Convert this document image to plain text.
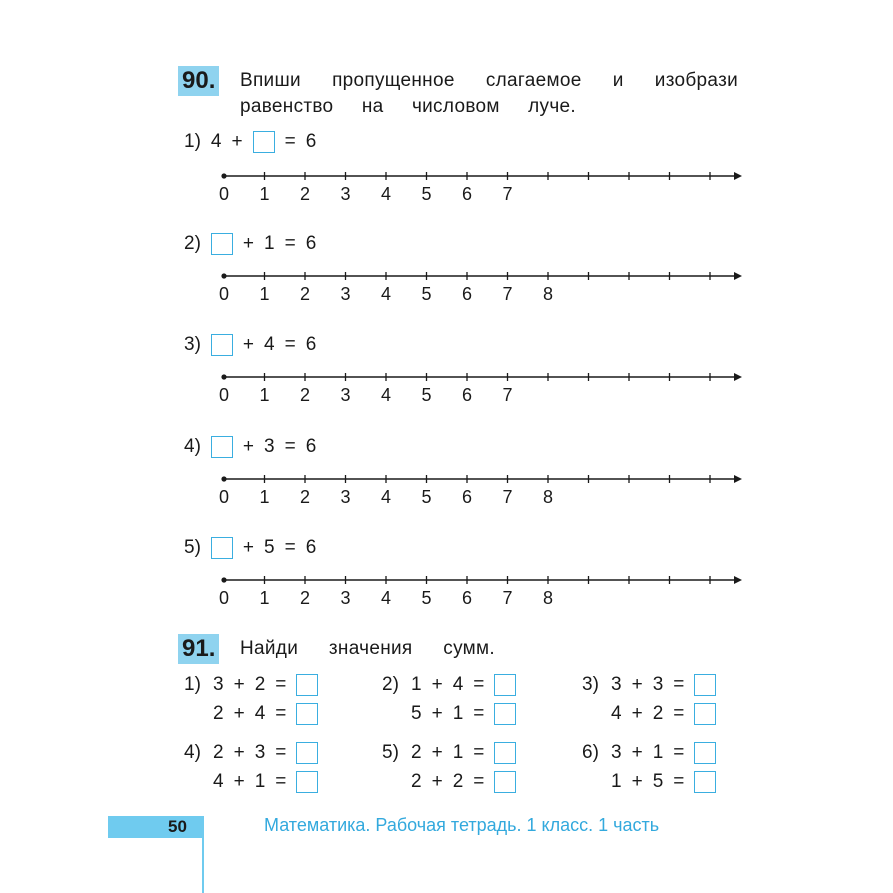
90. Впиши пропущенное слагаемое и изобрази
равенство на числовом луче.
1) 4 + = 6
0 1 2 3 4 5 6 7
2) + 1 = 6
0 1 2 3 4 5 6 7 8
3) + 4 = 6
0 1 2 3 4 5 6 7
4) + 3 = 6
0 1 2 3 4 5 6 7 8
5) + 5 = 6
0 1 2 3 4 5 6 7 8
91. Найди значения сумм.
1) 3 + 2 =
2 + 4 =
2) 1 + 4 =
5 + 1 =
3) 3 + 3 =
4 + 2 =
4) 2 + 3 =
4 + 1 =
5) 2 + 1 =
2 + 2 =
6) 3 + 1 =
1 + 5 =
50	Математика. Рабочая тетрадь. 1 класс. 1 часть
